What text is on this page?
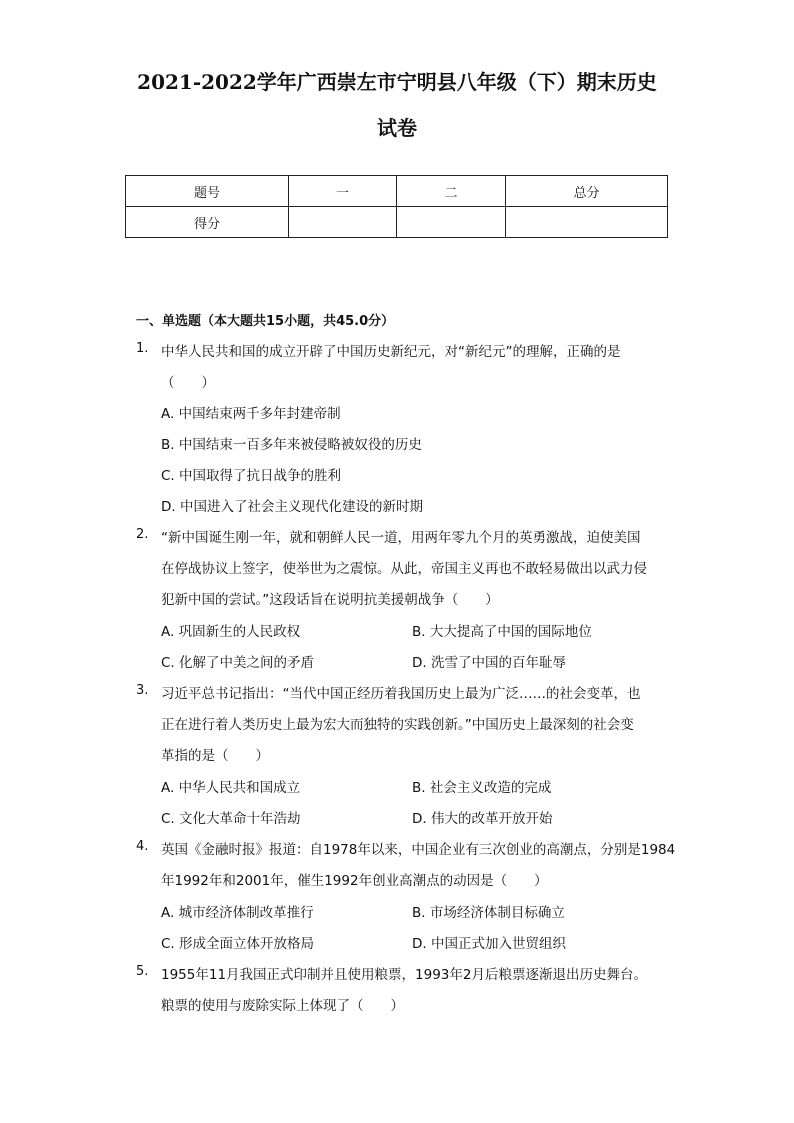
2021-2022学年广西崇左市宁明县八年级（下）期末历史
试卷
题号	一	二	总分
得分			
一、单选题（本大题共15小题，共45.0分）
1. 中华人民共和国的成立开辟了中国历史新纪元，对“新纪元”的理解，正确的是
（　　）
A. 中国结束两千多年封建帝制
B. 中国结束一百多年来被侵略被奴役的历史
C. 中国取得了抗日战争的胜利
D. 中国进入了社会主义现代化建设的新时期
2. “新中国诞生刚一年，就和朝鲜人民一道，用两年零九个月的英勇激战，迫使美国
在停战协议上签字，使举世为之震惊。从此，帝国主义再也不敢轻易做出以武力侵
犯新中国的尝试。”这段话旨在说明抗美援朝战争（　　）
A. 巩固新生的人民政权	B. 大大提高了中国的国际地位
C. 化解了中美之间的矛盾	D. 洗雪了中国的百年耻辱
3. 习近平总书记指出：“当代中国正经历着我国历史上最为广泛……的社会变革，也
正在进行着人类历史上最为宏大而独特的实践创新。”中国历史上最深刻的社会变
革指的是（　　）
A. 中华人民共和国成立	B. 社会主义改造的完成
C. 文化大革命十年浩劫	D. 伟大的改革开放开始
4. 英国《金融时报》报道：自1978年以来，中国企业有三次创业的高潮点，分别是1984
年1992年和2001年，催生1992年创业高潮点的动因是（　　）
A. 城市经济体制改革推行	B. 市场经济体制目标确立
C. 形成全面立体开放格局	D. 中国正式加入世贸组织
5. 1955年11月我国正式印制并且使用粮票，1993年2月后粮票逐渐退出历史舞台。
粮票的使用与废除实际上体现了（　　）
